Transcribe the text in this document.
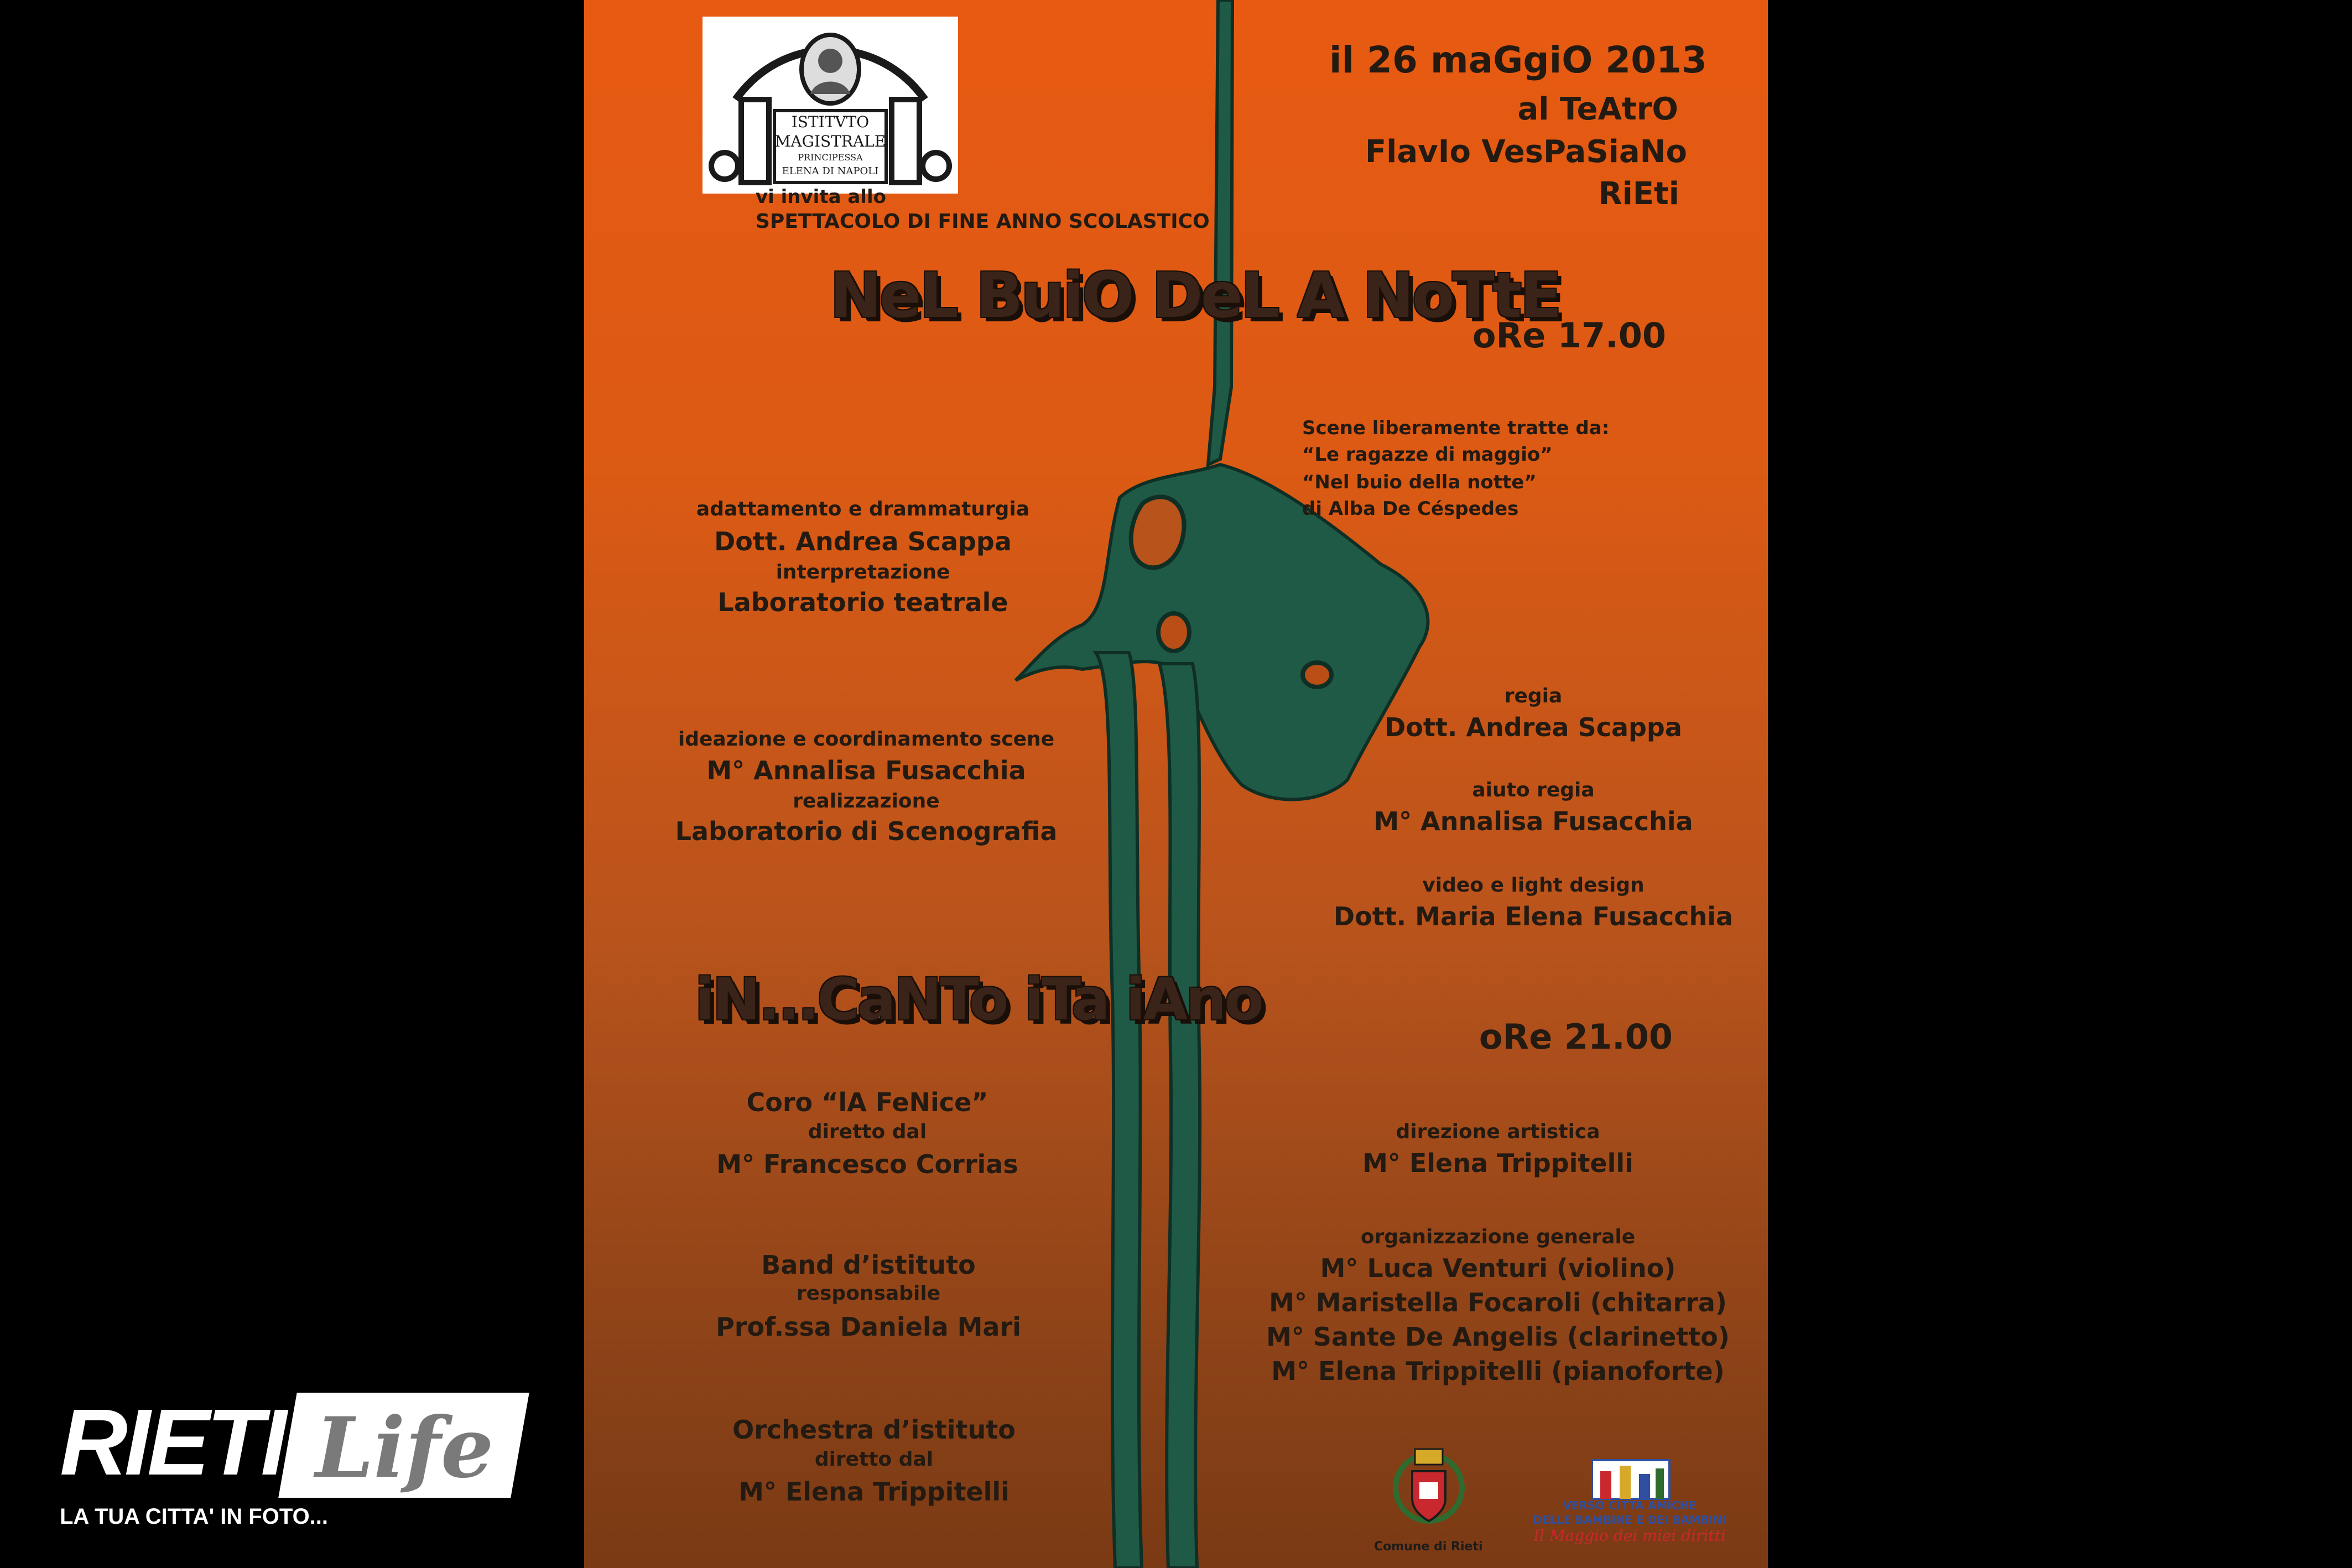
ISTITVTO
MAGISTRALE
PRINCIPESSA
ELENA DI NAPOLI
il 26 maGgiO 2013
al TeAtrO
FlavIo VesPaSiaNo
RiEti
vi invita allo
SPETTACOLO DI FINE ANNO SCOLASTICO
NeL BuiO DeL A NoTtE
oRe 17.00
Scene liberamente tratte da:
“Le ragazze di maggio”
“Nel buio della notte”
di Alba De Céspedes
adattamento e drammaturgia
Dott. Andrea Scappa
interpretazione
Laboratorio teatrale
ideazione e coordinamento scene
M° Annalisa Fusacchia
realizzazione
Laboratorio di Scenografia
regia
Dott. Andrea Scappa
aiuto regia
M° Annalisa Fusacchia
video e light design
Dott. Maria Elena Fusacchia
iN...CaNTo iTa iAno
oRe 21.00
Coro “lA FeNice”
diretto dal
M° Francesco Corrias
Band d’istituto
responsabile
Prof.ssa Daniela Mari
Orchestra d’istituto
diretto dal
M° Elena Trippitelli
direzione artistica
M° Elena Trippitelli
organizzazione generale
M° Luca Venturi (violino)
M° Maristella Focaroli (chitarra)
M° Sante De Angelis (clarinetto)
M° Elena Trippitelli (pianoforte)
Comune di Rieti
VERSO CITTÀ AMICHE
DELLE BAMBINE E DEI BAMBINI
Il Maggio dei miei diritti
RIETI Life
LA TUA CITTA' IN FOTO...
